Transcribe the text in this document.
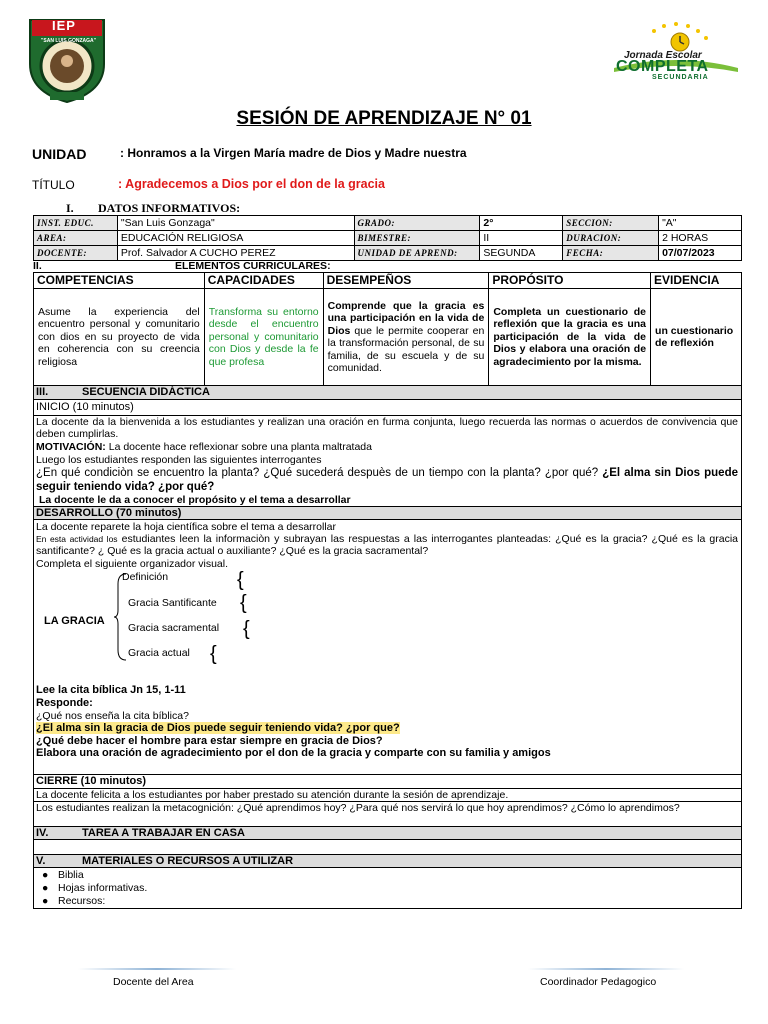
IEP
"SAN LUIS GONZAGA"
Jornada Escolar
COMPLETA
SECUNDARIA
SESIÓN DE APRENDIZAJE N° 01
UNIDAD	: Honramos a la Virgen María madre de Dios y Madre nuestra
TÍTULO	: Agradecemos a Dios por el don de la gracia
I. DATOS INFORMATIVOS:
INST. EDUC.	"San Luis Gonzaga"	GRADO:	2°	SECCION:	"A"
AREA:	EDUCACIÓN RELIGIOSA	BIMESTRE:	II	DURACION:	2 HORAS
DOCENTE:	Prof. Salvador A CUCHO PEREZ	UNIDAD DE APREND:	SEGUNDA	FECHA:	07/07/2023
II.	ELEMENTOS CURRICULARES:
COMPETENCIAS	CAPACIDADES	DESEMPEÑOS	PROPÓSITO	EVIDENCIA
Asume la experiencia del encuentro personal y comunitario con dios en su proyecto de vida en coherencia con su creencia religiosa	Transforma su entorno desde el encuentro personal y comunitario con Dios y desde la fe que profesa	Comprende que la gracia es una participación en la vida de Dios que le permite cooperar en la transformación personal, de su familia, de su escuela y de su comunidad.	Completa un cuestionario de reflexión que la gracia es una participación de la vida de Dios y elabora una oración de agradecimiento por la misma.	un cuestionario de reflexión
III.	SECUENCIA DIDÁCTICA
INICIO (10 minutos)
La docente da la bienvenida a los estudiantes y realizan una oración en furma conjunta, luego recuerda las normas o acuerdos de convivencia que deben cumplirlas.
MOTIVACIÓN: La docente hace reflexionar sobre una planta maltratada
Luego los estudiantes responden las siguientes interrogantes
¿En qué condiciòn se encuentro la planta? ¿Qué sucederá despuès de un tiempo con la planta? ¿por qué? ¿El alma sin Dios puede seguir teniendo vida? ¿por qué?
La docente le da a conocer el propósito y el tema a desarrollar
DESARROLLO (70 minutos)
La docente reparete la hoja científica sobre el tema a desarrollar
En esta actividad los estudiantes leen la informaciòn y subrayan las respuestas a las interrogantes planteadas: ¿Qué es la gracia? ¿Qué es la gracia santificante? ¿ Qué es la gracia actual o auxiliante? ¿Qué es la gracia sacramental?
Completa el siguiente organizador visual.
LA GRACIA
Definición
Gracia Santificante
Gracia sacramental
Gracia actual
{
{
{
{
Lee la cita bíblica Jn 15, 1-11
Responde:
¿Qué nos enseña la cita bíblica?
¿El alma sin la gracia de Dios puede seguir teniendo vida? ¿por que?
¿Qué debe hacer el hombre para estar siempre en gracia de Dios?
Elabora una oración de agradecimiento por el don de la gracia y comparte con su familia y amigos
CIERRE (10 minutos)
La docente felicita a los estudiantes por haber prestado su atención durante la sesión de aprendizaje.
Los estudiantes realizan la metacognición: ¿Qué aprendimos hoy? ¿Para qué nos servirá lo que hoy aprendimos? ¿Cómo lo aprendimos?
IV.	TAREA A TRABAJAR EN CASA
V.	MATERIALES O RECURSOS A UTILIZAR
● Biblia
● Hojas informativas.
● Recursos:
Docente del Area	Coordinador Pedagogico
